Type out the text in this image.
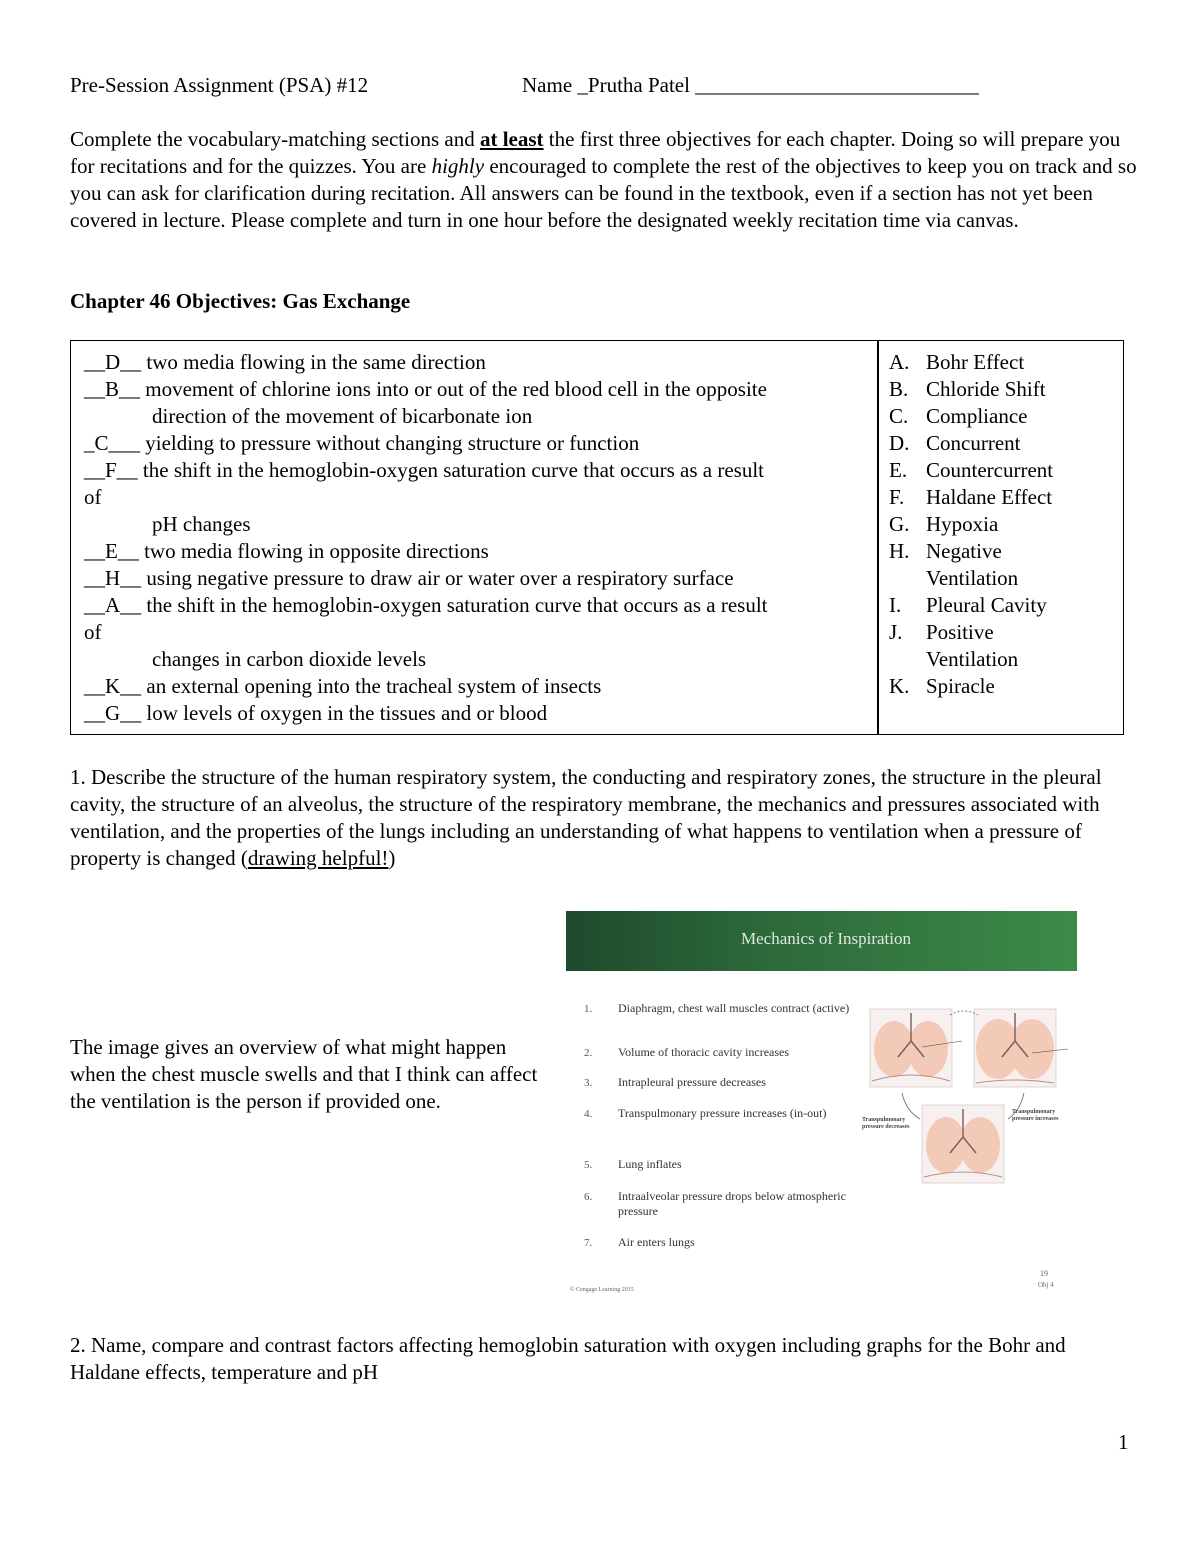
Pre-Session Assignment (PSA) #12	Name _Prutha Patel ___________________________
Complete the vocabulary-matching sections and at least the first three objectives for each chapter. Doing so will prepare you for recitations and for the quizzes. You are highly encouraged to complete the rest of the objectives to keep you on track and so you can ask for clarification during recitation. All answers can be found in the textbook, even if a section has not yet been covered in lecture. Please complete and turn in one hour before the designated weekly recitation time via canvas.
Chapter 46 Objectives: Gas Exchange
__D__ two media flowing in the same direction
__B__ movement of chlorine ions into or out of the red blood cell in the opposite
direction of the movement of bicarbonate ion
_C___ yielding to pressure without changing structure or function
__F__ the shift in the hemoglobin-oxygen saturation curve that occurs as a result
of
pH changes
__E__ two media flowing in opposite directions
__H__ using negative pressure to draw air or water over a respiratory surface
__A__ the shift in the hemoglobin-oxygen saturation curve that occurs as a result
of
changes in carbon dioxide levels
__K__ an external opening into the tracheal system of insects
__G__ low levels of oxygen in the tissues and or blood
A. Bohr Effect
B. Chloride Shift
C. Compliance
D. Concurrent
E. Countercurrent
F.	Haldane Effect
G. Hypoxia
H. Negative
Ventilation
I.	Pleural Cavity
J.	Positive
Ventilation
K. Spiracle
1. Describe the structure of the human respiratory system, the conducting and respiratory zones, the structure in the pleural cavity, the structure of an alveolus, the structure of the respiratory membrane, the mechanics and pressures associated with ventilation, and the properties of the lungs including an understanding of what happens to ventilation when a pressure of property is changed (drawing helpful!)
The image gives an overview of what might happen when the chest muscle swells and that I think can affect the ventilation is the person if provided one.
Mechanics of Inspiration
1. Diaphragm, chest wall muscles contract (active)
2. Volume of thoracic cavity increases
3. Intrapleural pressure decreases
4. Transpulmonary pressure increases (in-out)
5. Lung inflates
6. Intraalveolar pressure drops below atmospheric pressure
7. Air enters lungs
Transpulmonary pressure decreases
Transpulmonary pressure increases
19
Obj 4
© Cengage Learning 2015
2. Name, compare and contrast factors affecting hemoglobin saturation with oxygen including graphs for the Bohr and Haldane effects, temperature and pH
1
